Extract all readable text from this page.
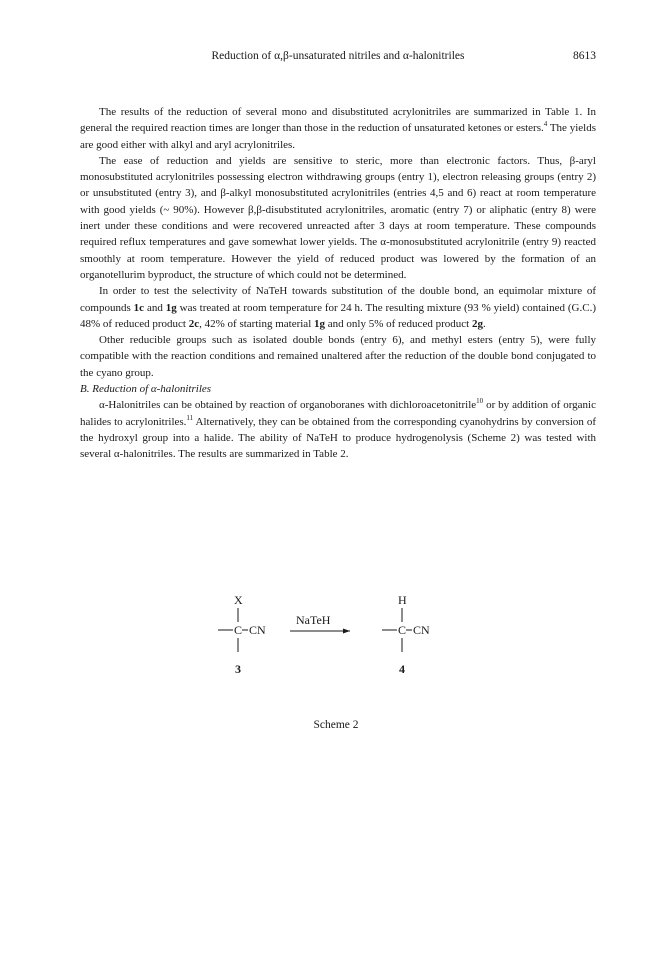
Reduction of α,β-unsaturated nitriles and α-halonitriles	8613

The results of the reduction of several mono and disubstituted acrylonitriles are summarized in Table 1. In general the required reaction times are longer than those in the reduction of unsaturated ketones or esters.$^4$ The yields are good either with alkyl and aryl acrylonitriles.

The ease of reduction and yields are sensitive to steric, more than electronic factors. Thus, β-aryl monosubstituted acrylonitriles possessing electron withdrawing groups (entry 1), electron releasing groups (entry 2) or unsubstituted (entry 3), and β-alkyl monosubstituted acrylonitriles (entries 4,5 and 6) react at room temperature with good yields (~ 90%). However β,β-disubstituted acrylonitriles, aromatic (entry 7) or aliphatic (entry 8) were inert under these conditions and were recovered unreacted after 3 days at room temperature. These compounds required reflux temperatures and gave somewhat lower yields. The α-monosubstituted acrylonitrile (entry 9) reacted smoothly at room temperature. However the yield of reduced product was lowered by the formation of an organotellurim byproduct, the structure of which could not be determined.

In order to test the selectivity of NaTeH towards substitution of the double bond, an equimolar mixture of compounds 1c and 1g was treated at room temperature for 24 h. The resulting mixture (93 % yield) contained (G.C.) 48% of reduced product 2c, 42% of starting material 1g and only 5% of reduced product 2g.

Other reducible groups such as isolated double bonds (entry 6), and methyl esters (entry 5), were fully compatible with the reaction conditions and remained unaltered after the reduction of the double bond conjugated to the cyano group.

B. Reduction of α-halonitriles

α-Halonitriles can be obtained by reaction of organoboranes with dichloroacetonitrile$^{10}$ or by addition of organic halides to acrylonitriles.$^{11}$ Alternatively, they can be obtained from the corresponding cyanohydrins by conversion of the hydroxyl group into a halide. The ability of NaTeH to produce hydrogenolysis (Scheme 2) was tested with several α-halonitriles. The results are summarized in Table 2.

X
C CN
3
NaTeH
H
C CN
4
Scheme 2
